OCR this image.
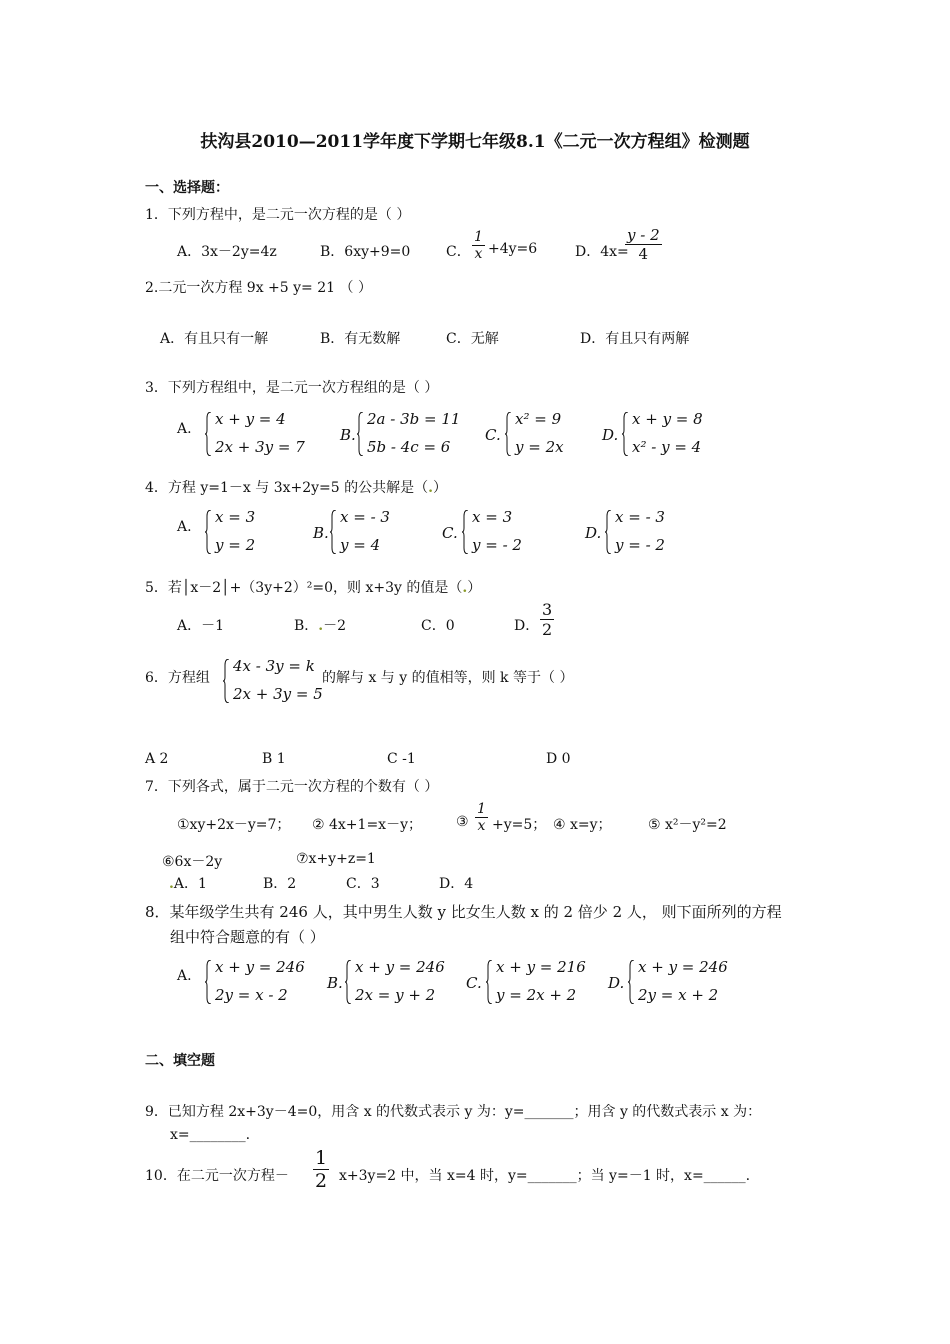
扶沟县2010—2011学年度下学期七年级8.1《二元一次方程组》检测题
一、选择题：
1．下列方程中，是二元一次方程的是（ ）
A．3x－2y=4z	B．6xy+9=0	C． $\frac{1}{x} +4y=6$	D．4x=
$\frac{y - 2}{4}$
2.二元一次方程 9x +5 y= 21 （ ）
A．有且只有一解	B．有无数解	C．无解	D．有且只有两解
3．下列方程组中，是二元一次方程组的是（ ）
A.
x + y = 4
2x + 3y = 7
B.
2a - 3b = 11
5b - 4c = 6
C.
x² = 9
y = 2x
D.
x + y = 8
x² - y = 4
4．方程 y=1－x 与 3x+2y=5 的公共解是（.）
A.
x = 3
y = 2
B.
x = - 3
y = 4
C.
x = 3
y = - 2
D.
x = - 3
y = - 2
5．若│x－2│+（3y+2）²=0，则 x+3y 的值是（.）
A．－1	B．.－2	C．0	D． $\frac{3}{2}$
6．方程组
4x - 3y = k
2x + 3y = 5
的解与 x 与 y 的值相等，则 k 等于（ ）
A 2	B 1	C -1	D 0
7．下列各式，属于二元一次方程的个数有（ ）
①xy+2x－y=7； ② 4x+1=x－y； ③ $\frac{1}{x} +y=5$； ④ x=y；	⑤ x²－y²=2
⑥6x－2y	⑦x+y+z=1
.A．1	B．2	C．3	D．4
8．某年级学生共有 246 人，其中男生人数 y 比女生人数 x 的 2 倍少 2 人， 则下面所列的方程
组中符合题意的有（ ）
A. x + y = 246
2y = x - 2
B.
x + y = 246
2x = y + 2
C.
x + y = 216
y = 2x + 2
D.
x + y = 246
2y = x + 2
二、填空题
9．已知方程 2x+3y－4=0，用含 x 的代数式表示 y 为：y=_______；用含 y 的代数式表示 x 为：
x=________.
10．在二元一次方程－ $\frac{1}{2} x+3y=2$ 中，当 x=4 时，y=_______；当 y=－1 时，x=______.
